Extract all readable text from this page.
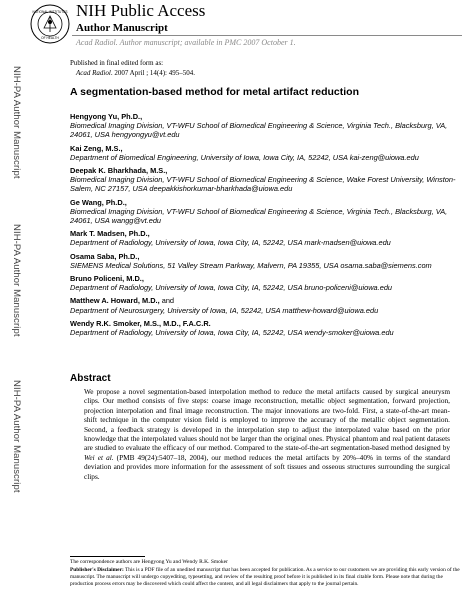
NATIONAL INSTITUTES
OF HEALTH
NIH Public Access
Author Manuscript
Acad Radiol. Author manuscript; available in PMC 2007 October 1.
Published in final edited form as:
Acad Radiol. 2007 April ; 14(4): 495–504.
NIH-PA Author Manuscript
NIH-PA Author Manuscript
NIH-PA Author Manuscript
A segmentation-based method for metal artifact reduction
Hengyong Yu, Ph.D.,
Biomedical Imaging Division, VT-WFU School of Biomedical Engineering & Science, Virginia Tech., Blacksburg, VA, 24061, USA hengyongyu@vt.edu
Kai Zeng, M.S.,
Department of Biomedical Engineering, University of Iowa, Iowa City, IA, 52242, USA kai-zeng@uiowa.edu
Deepak K. Bharkhada, M.S.,
Biomedical Imaging Division, VT-WFU School of Biomedical Engineering & Science, Wake Forest University, Winston-Salem, NC 27157, USA deepakkishorkumar-bharkhada@uiowa.edu
Ge Wang, Ph.D.,
Biomedical Imaging Division, VT-WFU School of Biomedical Engineering & Science, Virginia Tech., Blacksburg, VA, 24061, USA wangg@vt.edu
Mark T. Madsen, Ph.D.,
Department of Radiology, University of Iowa, Iowa City, IA, 52242, USA mark-madsen@uiowa.edu
Osama Saba, Ph.D.,
SIEMENS Medical Solutions, 51 Valley Stream Parkway, Malvern, PA 19355, USA osama.saba@siemens.com
Bruno Policeni, M.D.,
Department of Radiology, University of Iowa, Iowa City, IA, 52242, USA bruno-policeni@uiowa.edu
Matthew A. Howard, M.D., and
Department of Neurosurgery, University of Iowa, IA, 52242, USA matthew-howard@uiowa.edu
Wendy R.K. Smoker, M.S., M.D., F.A.C.R.
Department of Radiology, University of Iowa, Iowa City, IA, 52242, USA wendy-smoker@uiowa.edu
Abstract
We propose a novel segmentation-based interpolation method to reduce the metal artifacts caused by surgical aneurysm clips. Our method consists of five steps: coarse image reconstruction, metallic object segmentation, forward projection, projection interpolation and final image reconstruction. The major innovations are two-fold. First, a state-of-the-art mean-shift technique in the computer vision field is employed to improve the accuracy of the metallic object segmentation. Second, a feedback strategy is developed in the interpolation step to adjust the interpolated value based on the prior knowledge that the interpolated values should not be larger than the original ones. Physical phantom and real patient datasets are studied to evaluate the efficacy of our method. Compared to the state-of-the-art segmentation-based method designed by Wei et al. (PMB 49(24):5407–18, 2004), our method reduces the metal artifacts by 20%–40% in terms of the standard deviation and provides more information for the assessment of soft tissues and osseous structures surrounding the surgical clips.
The correspondence authors are Hengyong Yu and Wendy R.K. Smoker
Publisher's Disclaimer: This is a PDF file of an unedited manuscript that has been accepted for publication. As a service to our customers we are providing this early version of the manuscript. The manuscript will undergo copyediting, typesetting, and review of the resulting proof before it is published in its final citable form. Please note that during the production process errors may be discovered which could affect the content, and all legal disclaimers that apply to the journal pertain.
